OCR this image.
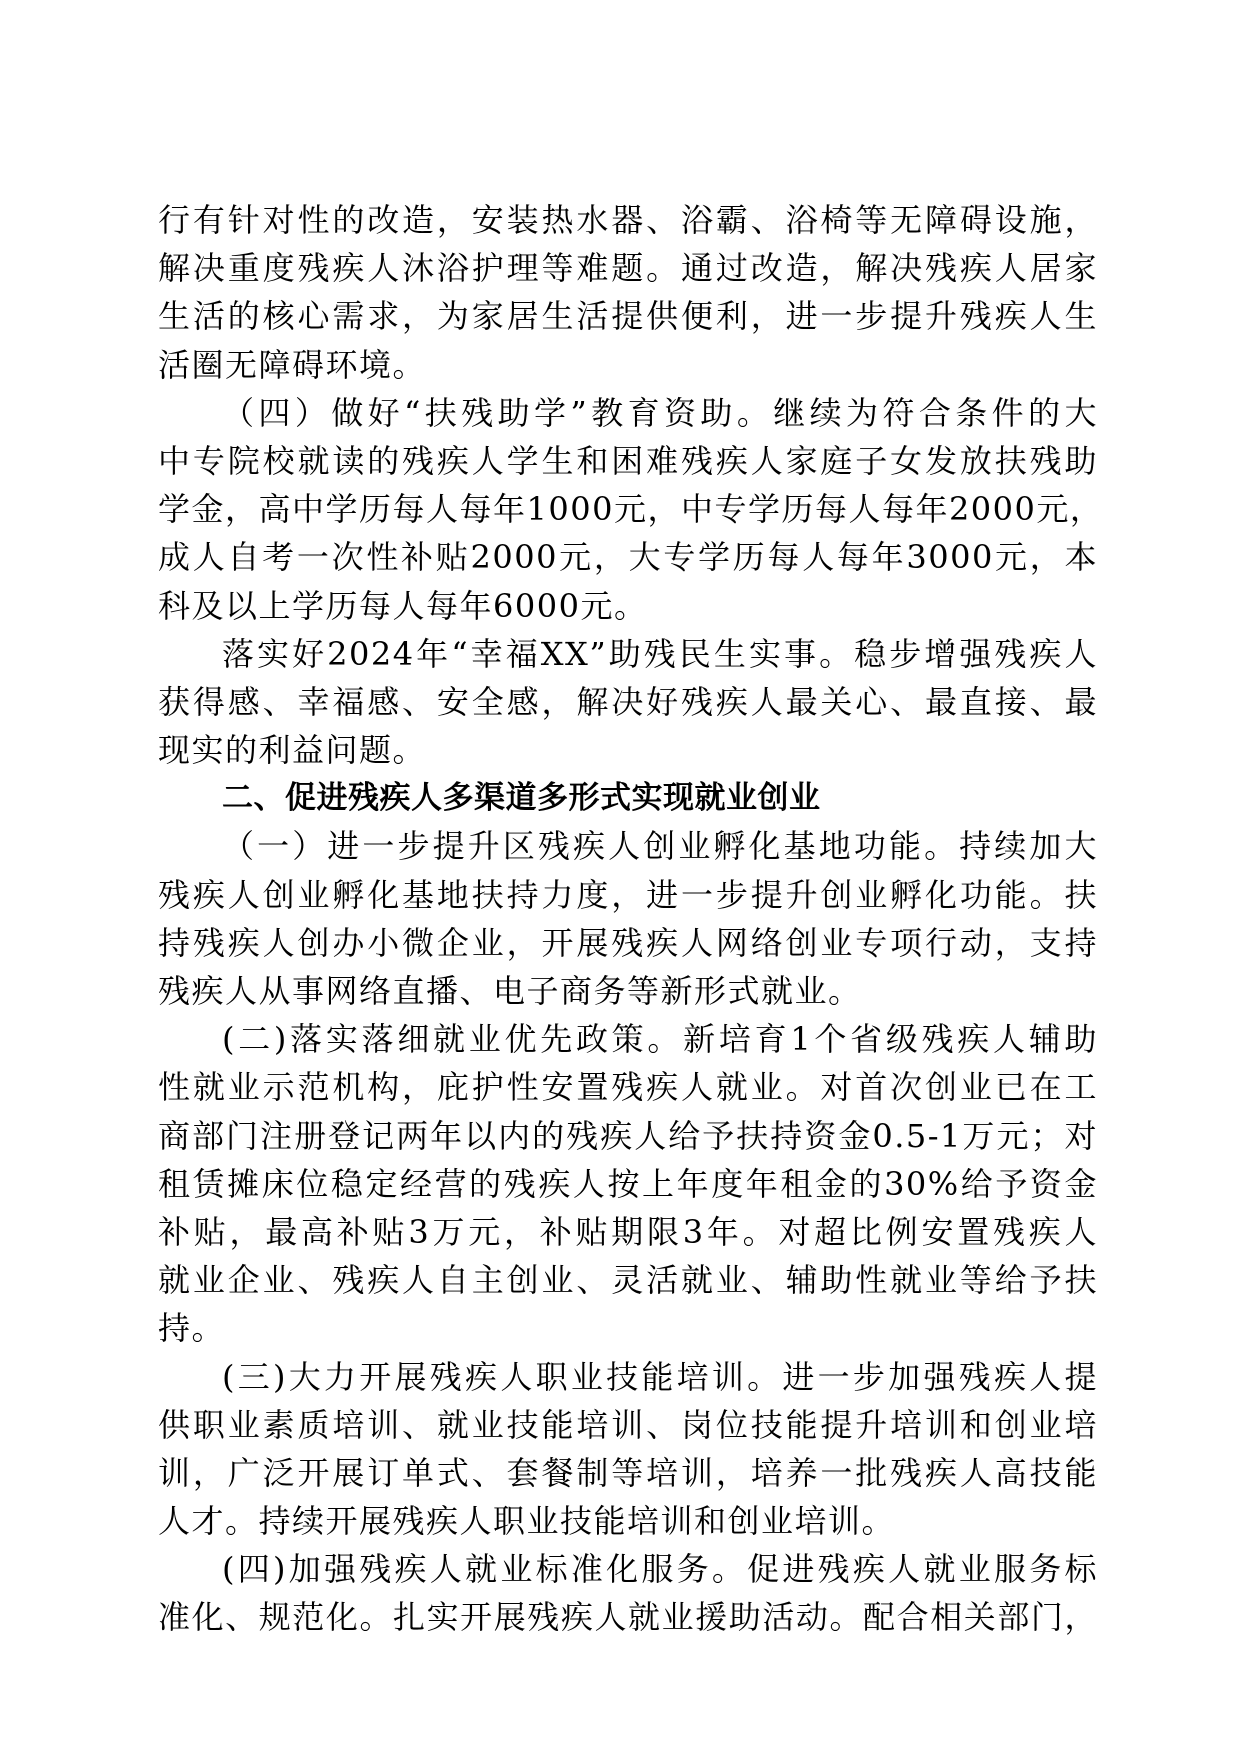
行有针对性的改造，安装热水器、浴霸、浴椅等无障碍设施，
解决重度残疾人沐浴护理等难题。通过改造，解决残疾人居家
生活的核心需求，为家居生活提供便利，进一步提升残疾人生
活圈无障碍环境。
（四）做好“扶残助学”教育资助。继续为符合条件的大
中专院校就读的残疾人学生和困难残疾人家庭子女发放扶残助
学金，高中学历每人每年1000元，中专学历每人每年2000元，
成人自考一次性补贴2000元，大专学历每人每年3000元，本
科及以上学历每人每年6000元。
落实好2024年“幸福XX”助残民生实事。稳步增强残疾人
获得感、幸福感、安全感，解决好残疾人最关心、最直接、最
现实的利益问题。
二、促进残疾人多渠道多形式实现就业创业
（一）进一步提升区残疾人创业孵化基地功能。持续加大
残疾人创业孵化基地扶持力度，进一步提升创业孵化功能。扶
持残疾人创办小微企业，开展残疾人网络创业专项行动，支持
残疾人从事网络直播、电子商务等新形式就业。
(二)落实落细就业优先政策。新培育1个省级残疾人辅助
性就业示范机构，庇护性安置残疾人就业。对首次创业已在工
商部门注册登记两年以内的残疾人给予扶持资金0.5-1万元；对
租赁摊床位稳定经营的残疾人按上年度年租金的30%给予资金
补贴，最高补贴3万元，补贴期限3年。对超比例安置残疾人
就业企业、残疾人自主创业、灵活就业、辅助性就业等给予扶
持。
(三)大力开展残疾人职业技能培训。进一步加强残疾人提
供职业素质培训、就业技能培训、岗位技能提升培训和创业培
训，广泛开展订单式、套餐制等培训，培养一批残疾人高技能
人才。持续开展残疾人职业技能培训和创业培训。
(四)加强残疾人就业标准化服务。促进残疾人就业服务标
准化、规范化。扎实开展残疾人就业援助活动。配合相关部门，
